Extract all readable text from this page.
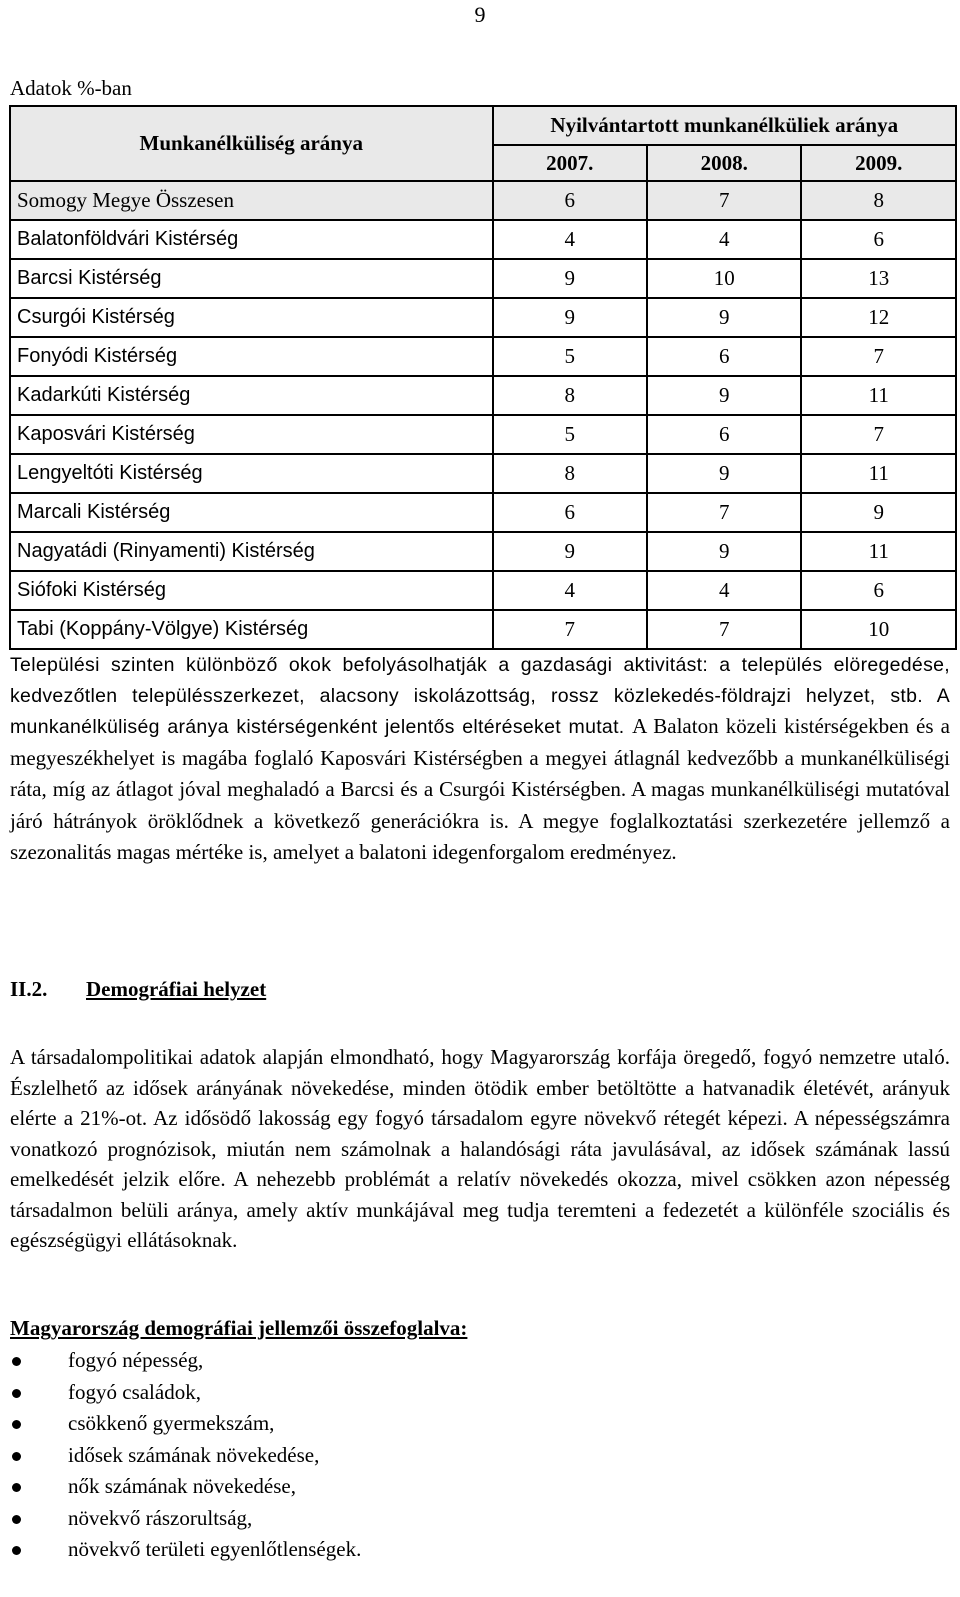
9
Adatok %-ban
Munkanélküliség aránya	Nyilvántartott munkanélküliek aránya		
	2007.	2008.	2009.
Somogy Megye Összesen	6	7	8
Balatonföldvári Kistérség	4	4	6
Barcsi Kistérség	9	10	13
Csurgói Kistérség	9	9	12
Fonyódi Kistérség	5	6	7
Kadarkúti Kistérség	8	9	11
Kaposvári Kistérség	5	6	7
Lengyeltóti Kistérség	8	9	11
Marcali Kistérség	6	7	9
Nagyatádi (Rinyamenti) Kistérség	9	9	11
Siófoki Kistérség	4	4	6
Tabi (Koppány-Völgye) Kistérség	7	7	10

Települési szinten különböző okok befolyásolhatják a gazdasági aktivitást: a település elöregedése, kedvezőtlen településszerkezet, alacsony iskolázottság, rossz közlekedés-földrajzi helyzet, stb. A munkanélküliség aránya kistérségenként jelentős eltéréseket mutat. A Balaton közeli kistérségekben és a megyeszékhelyet is magába foglaló Kaposvári Kistérségben a megyei átlagnál kedvezőbb a munkanélküliségi ráta, míg az átlagot jóval meghaladó a Barcsi és a Csurgói Kistérségben. A magas munkanélküliségi mutatóval járó hátrányok öröklődnek a következő generációkra is. A megye foglalkoztatási szerkezetére jellemző a szezonalitás magas mértéke is, amelyet a balatoni idegenforgalom eredményez.

II.2. Demográfiai helyzet

A társadalompolitikai adatok alapján elmondható, hogy Magyarország korfája öregedő, fogyó nemzetre utaló. Észlelhető az idősek arányának növekedése, minden ötödik ember betöltötte a hatvanadik életévét, arányuk elérte a 21%-ot. Az idősödő lakosság egy fogyó társadalom egyre növekvő rétegét képezi. A népességszámra vonatkozó prognózisok, miután nem számolnak a halandósági ráta javulásával, az idősek számának lassú emelkedését jelzik előre. A nehezebb problémát a relatív növekedés okozza, mivel csökken azon népesség társadalmon belüli aránya, amely aktív munkájával meg tudja teremteni a fedezetét a különféle szociális és egészségügyi ellátásoknak.

Magyarország demográfiai jellemzői összefoglalva:
fogyó népesség,
fogyó családok,
csökkenő gyermekszám,
idősek számának növekedése,
nők számának növekedése,
növekvő rászorultság,
növekvő területi egyenlőtlenségek.
